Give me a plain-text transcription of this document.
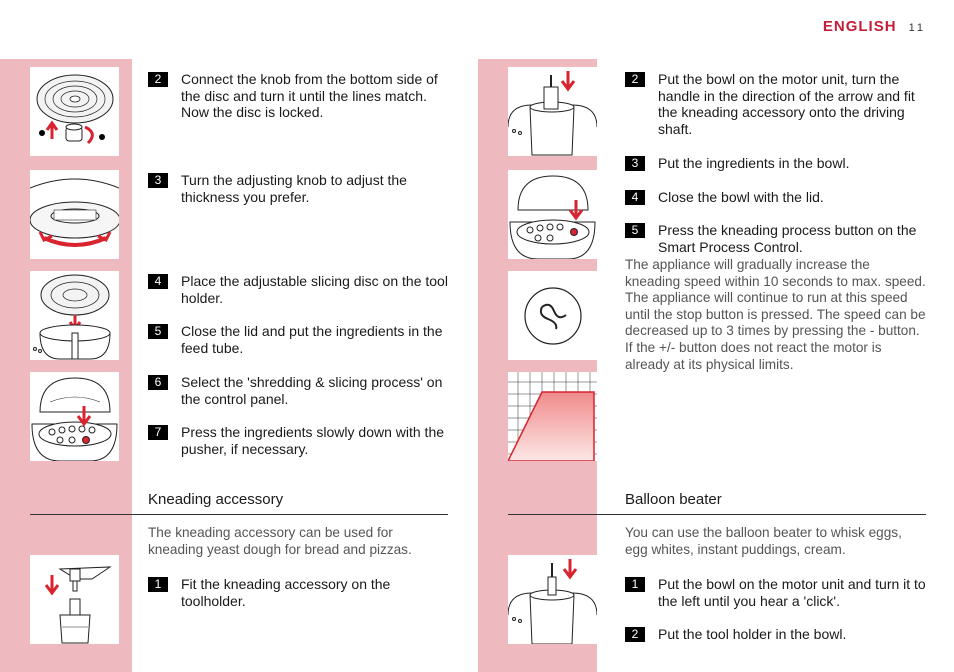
ENGLISH 11
2	Connect the knob from the bottom side of the disc and turn it until the lines match. Now the disc is locked.
3	Turn the adjusting knob to adjust the thickness you prefer.
4	Place the adjustable slicing disc on the tool holder.
5	Close the lid and put the ingredients in the feed tube.
6	Select the 'shredding & slicing process' on the control panel.
7	Press the ingredients slowly down with the pusher, if necessary.
Kneading accessory
The kneading accessory can be used for kneading yeast dough for bread and pizzas.
1	Fit the kneading accessory on the toolholder.
2	Put the bowl on the motor unit, turn the handle in the direction of the arrow and fit the kneading accessory onto the driving shaft.
3	Put the ingredients in the bowl.
4	Close the bowl with the lid.
5	Press the kneading process button on the Smart Process Control.
The appliance will gradually increase the kneading speed within 10 seconds to max. speed. The appliance will continue to run at this speed until the stop button is pressed. The speed can be decreased up to 3 times by pressing the - button. If the +/- button does not react the motor is already at its physical limits.
Balloon beater
You can use the balloon beater to whisk eggs, egg whites, instant puddings, cream.
1	Put the bowl on the motor unit and turn it to the left until you hear a 'click'.
2	Put the tool holder in the bowl.
